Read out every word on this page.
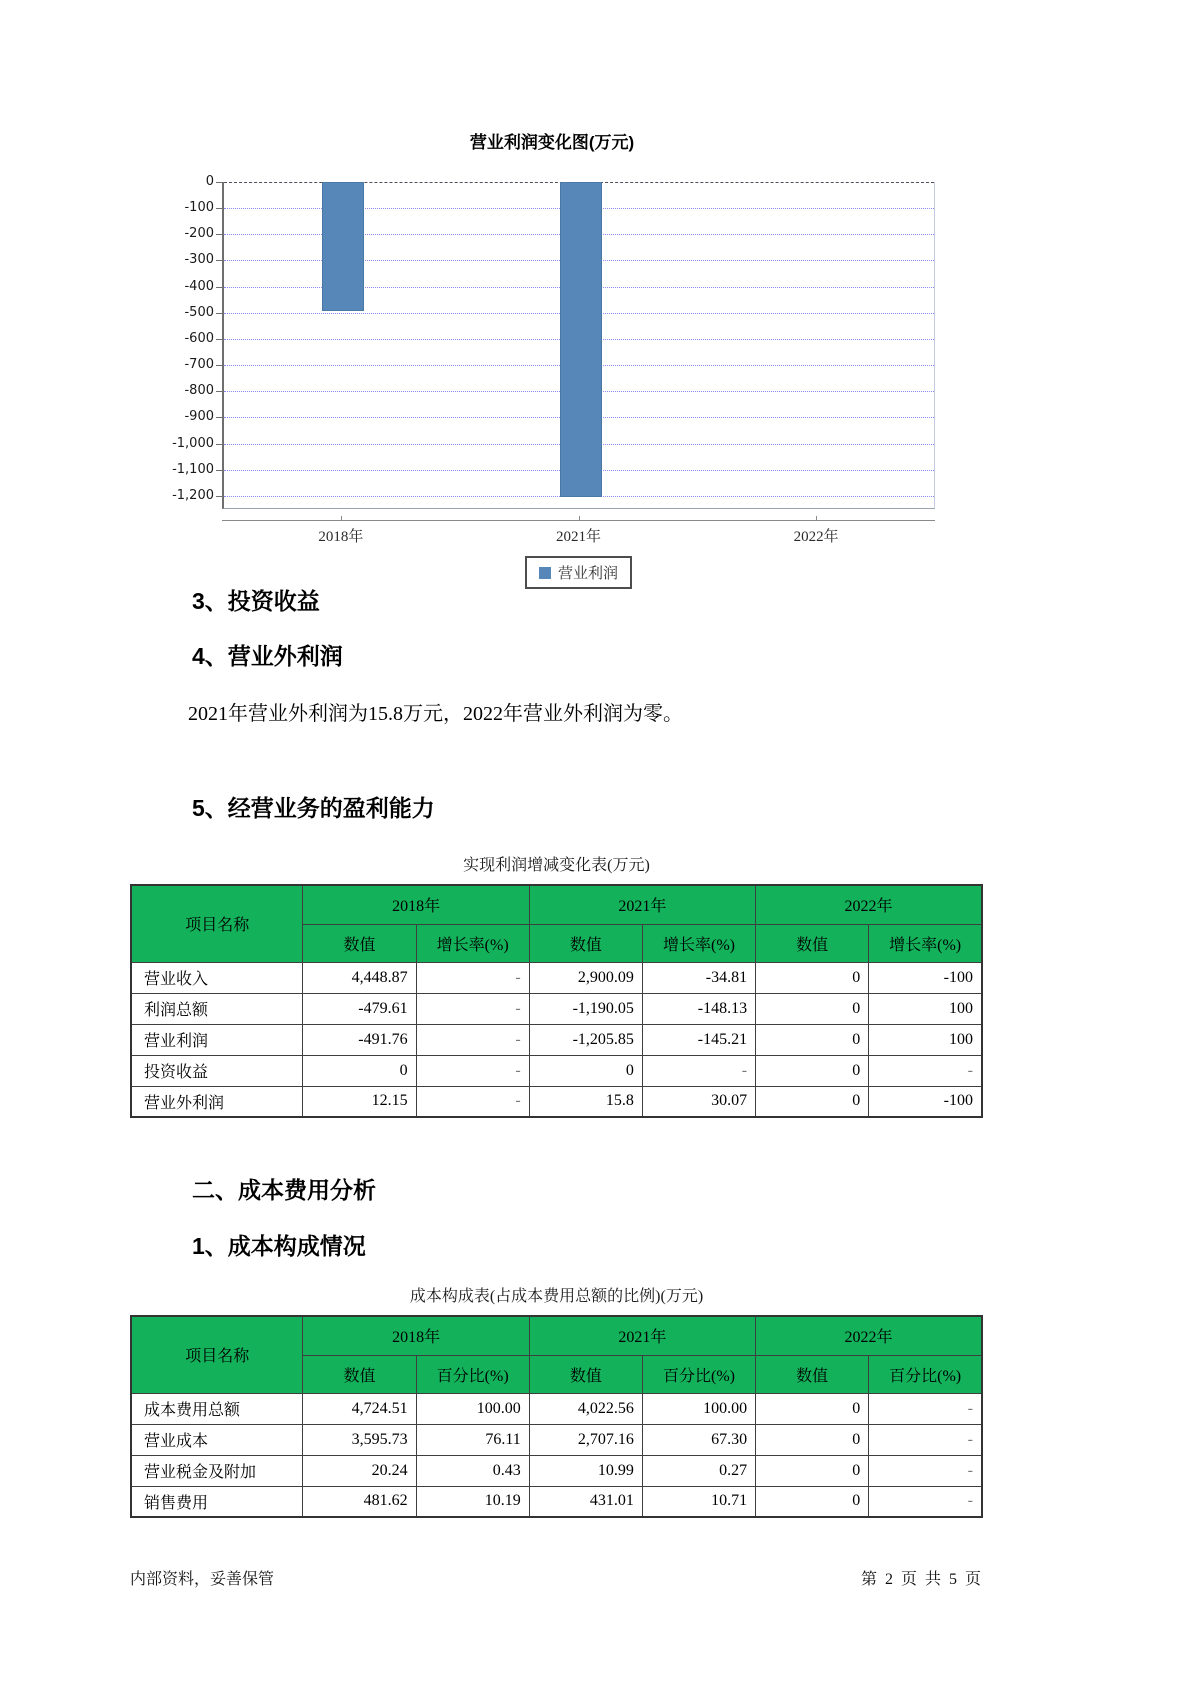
营业利润变化图(万元)
营业利润
0
-100
-200
-300
-400
-500
-600
-700
-800
-900
-1,000
-1,100
-1,200
2018年	2021年	2022年
3、投资收益
4、营业外利润
2021年营业外利润为15.8万元，2022年营业外利润为零。
5、经营业务的盈利能力
实现利润增减变化表(万元)
项目名称	2018年		2021年		2022年	
	数值	增长率(%)	数值	增长率(%)	数值	增长率(%)
营业收入	4,448.87	-	2,900.09	-34.81	0	-100
利润总额	-479.61	-	-1,190.05	-148.13	0	100
营业利润	-491.76	-	-1,205.85	-145.21	0	100
投资收益	0	-	0	-	0	-
营业外利润	12.15	-	15.8	30.07	0	-100
二、成本费用分析
1、成本构成情况
成本构成表(占成本费用总额的比例)(万元)
项目名称	2018年		2021年		2022年	
	数值	百分比(%)	数值	百分比(%)	数值	百分比(%)
成本费用总额	4,724.51	100.00	4,022.56	100.00	0	-
营业成本	3,595.73	76.11	2,707.16	67.30	0	-
营业税金及附加	20.24	0.43	10.99	0.27	0	-
销售费用	481.62	10.19	431.01	10.71	0	-
内部资料，妥善保管	第 2 页 共 5 页
